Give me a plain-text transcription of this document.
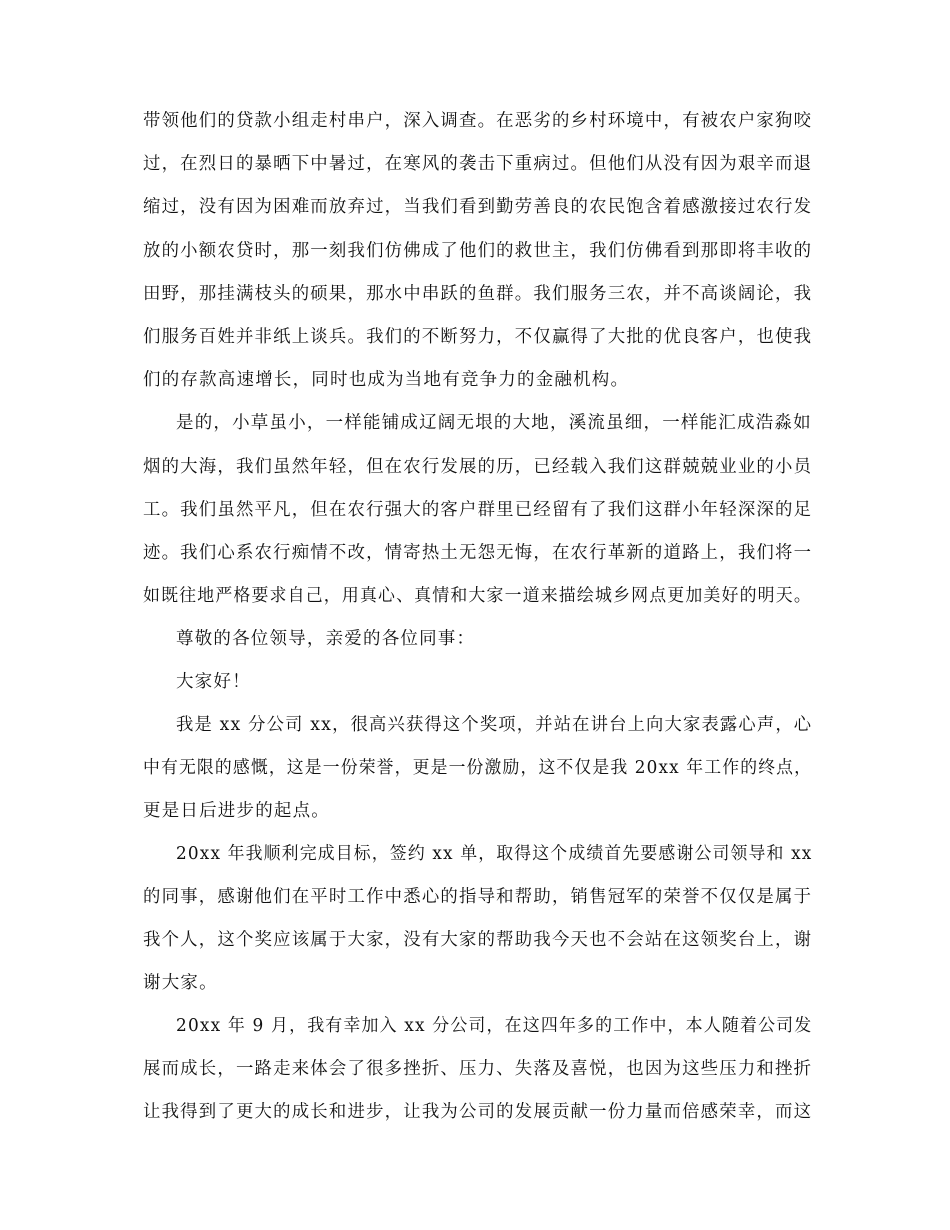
带领他们的贷款小组走村串户，深入调查。在恶劣的乡村环境中，有被农户家狗咬
过，在烈日的暴晒下中暑过，在寒风的袭击下重病过。但他们从没有因为艰辛而退
缩过，没有因为困难而放弃过，当我们看到勤劳善良的农民饱含着感激接过农行发
放的小额农贷时，那一刻我们仿佛成了他们的救世主，我们仿佛看到那即将丰收的
田野，那挂满枝头的硕果，那水中串跃的鱼群。我们服务三农，并不高谈阔论，我
们服务百姓并非纸上谈兵。我们的不断努力，不仅赢得了大批的优良客户，也使我
们的存款高速增长，同时也成为当地有竞争力的金融机构。
是的，小草虽小，一样能铺成辽阔无垠的大地，溪流虽细，一样能汇成浩淼如
烟的大海，我们虽然年轻，但在农行发展的历，已经载入我们这群兢兢业业的小员
工。我们虽然平凡，但在农行强大的客户群里已经留有了我们这群小年轻深深的足
迹。我们心系农行痴情不改，情寄热土无怨无悔，在农行革新的道路上，我们将一
如既往地严格要求自己，用真心、真情和大家一道来描绘城乡网点更加美好的明天。
尊敬的各位领导，亲爱的各位同事：
大家好！
我是 xx 分公司 xx，很高兴获得这个奖项，并站在讲台上向大家表露心声，心
中有无限的感慨，这是一份荣誉，更是一份激励，这不仅是我 20xx 年工作的终点，
更是日后进步的起点。
20xx 年我顺利完成目标，签约 xx 单，取得这个成绩首先要感谢公司领导和 xx
的同事，感谢他们在平时工作中悉心的指导和帮助，销售冠军的荣誉不仅仅是属于
我个人，这个奖应该属于大家，没有大家的帮助我今天也不会站在这领奖台上，谢
谢大家。
20xx 年 9 月，我有幸加入 xx 分公司，在这四年多的工作中，本人随着公司发
展而成长，一路走来体会了很多挫折、压力、失落及喜悦，也因为这些压力和挫折
让我得到了更大的成长和进步，让我为公司的发展贡献一份力量而倍感荣幸，而这
